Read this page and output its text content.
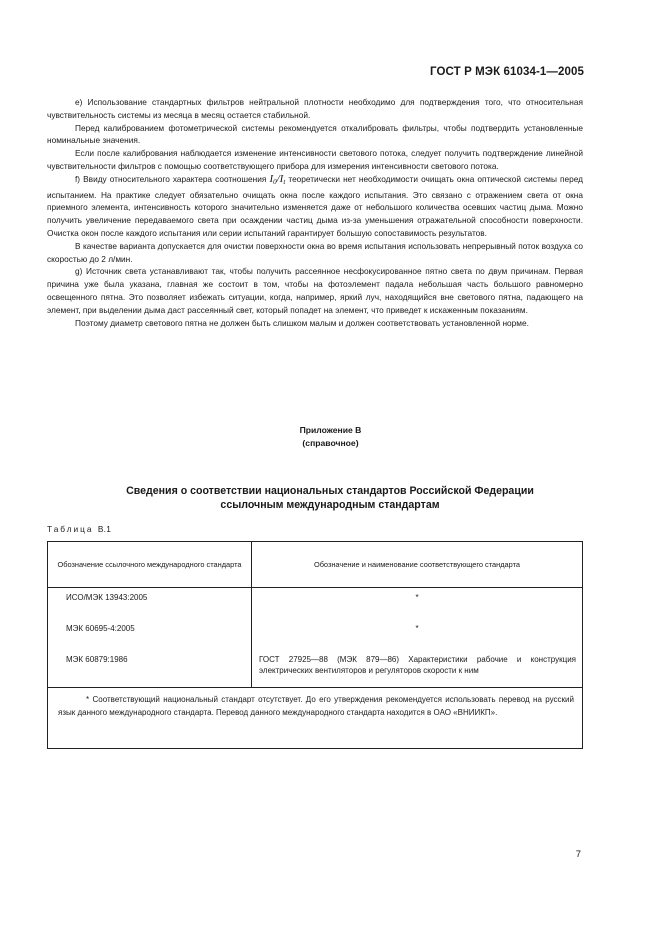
ГОСТ Р МЭК 61034-1—2005

e) Использование стандартных фильтров нейтральной плотности необходимо для подтверждения того, что относительная чувствительность системы из месяца в месяц остается стабильной.

Перед калиброванием фотометрической системы рекомендуется откалибровать фильтры, чтобы подтвердить установленные номинальные значения.

Если после калибрования наблюдается изменение интенсивности светового потока, следует получить подтверждение линейной чувствительности фильтров с помощью соответствующего прибора для измерения интенсивности светового потока.

f) Ввиду относительного характера соотношения $I_0/I_t$ теоретически нет необходимости очищать окна оптической системы перед испытанием. На практике следует обязательно очищать окна после каждого испытания. Это связано с отражением света от окна приемного элемента, интенсивность которого значительно изменяется даже от небольшого количества осевших частиц дыма. Можно получить увеличение передаваемого света при осаждении частиц дыма из-за уменьшения отражательной способности поверхности. Очистка окон после каждого испытания или серии испытаний гарантирует большую сопоставимость результатов.

В качестве варианта допускается для очистки поверхности окна во время испытания использовать непрерывный поток воздуха со скоростью до 2 л/мин.

g) Источник света устанавливают так, чтобы получить рассеянное несфокусированное пятно света по двум причинам. Первая причина уже была указана, главная же состоит в том, чтобы на фотоэлемент падала небольшая часть большого равномерно освещенного пятна. Это позволяет избежать ситуации, когда, например, яркий луч, находящийся вне светового пятна, падающего на элемент, при выделении дыма даст рассеянный свет, который попадет на элемент, что приведет к искаженным показаниям.

Поэтому диаметр светового пятна не должен быть слишком малым и должен соответствовать установленной норме.

Приложение В
(справочное)
Сведения о соответствии национальных стандартов Российской Федерации
ссылочным международным стандартам
Таблица В.1
Обозначение ссылочного международного стандарта	Обозначение и наименование соответствующего стандарта
ИСО/МЭК 13943:2005	*
МЭК 60695-4:2005	*
МЭК 60879:1986	ГОСТ 27925—88 (МЭК 879—86) Характеристики рабочие и конструкция электрических вентиляторов и регуляторов скорости к ним

* Соответствующий национальный стандарт отсутствует. До его утверждения рекомендуется использовать перевод на русский язык данного международного стандарта. Перевод данного международного стандарта находится в ОАО «ВНИИКП».	
7
